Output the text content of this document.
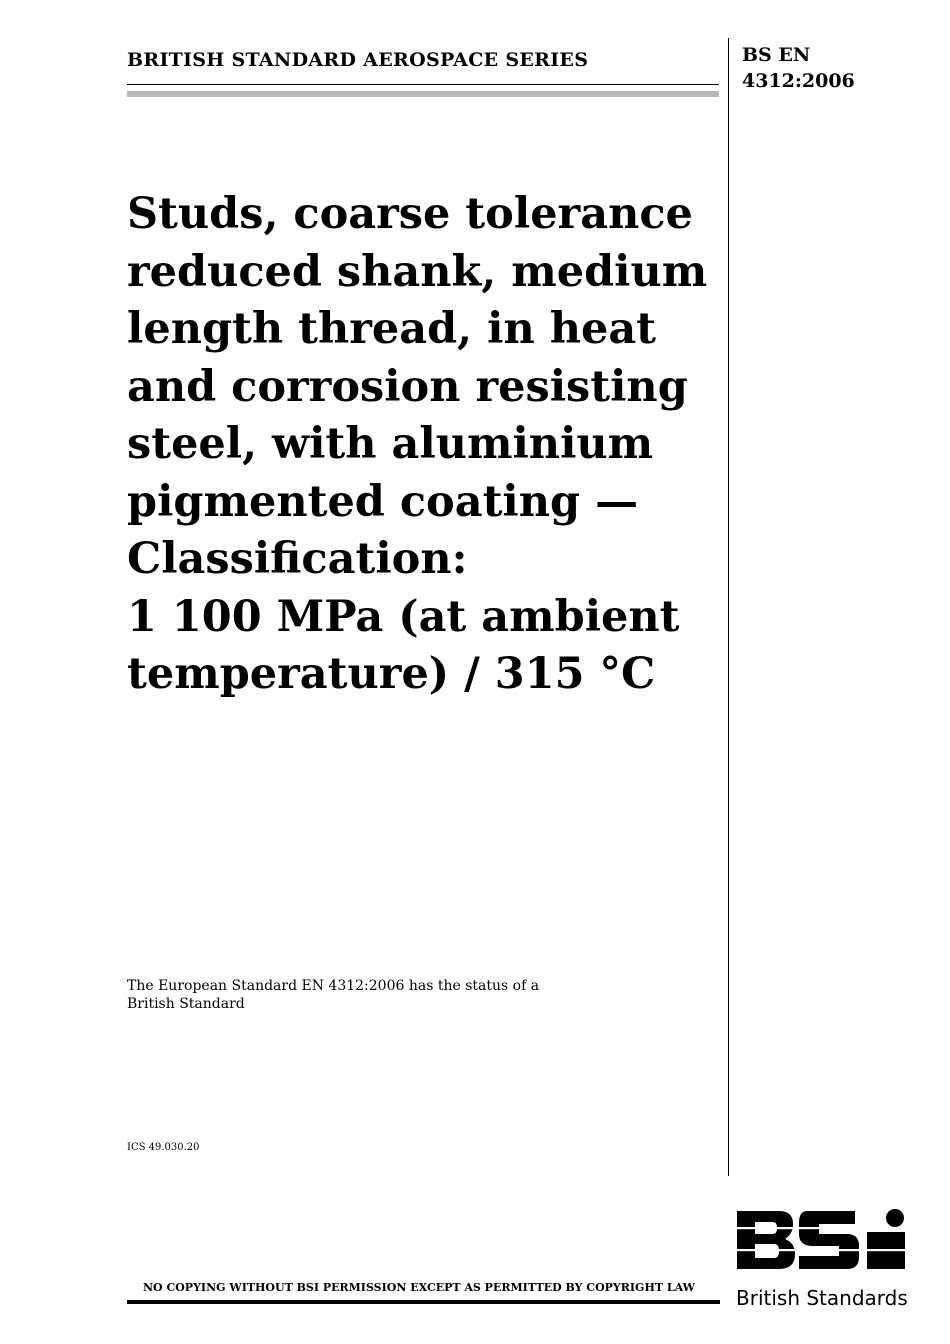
BRITISH STANDARD AEROSPACE SERIES	BS EN
4312:2006
Studs, coarse tolerance
reduced shank, medium
length thread, in heat
and corrosion resisting
steel, with aluminium
pigmented coating —
Classification:
1 100 MPa (at ambient
temperature) / 315 °C
The European Standard EN 4312:2006 has the status of a
British Standard
ICS 49.030.20
NO COPYING WITHOUT BSI PERMISSION EXCEPT AS PERMITTED BY COPYRIGHT LAW British Standards
